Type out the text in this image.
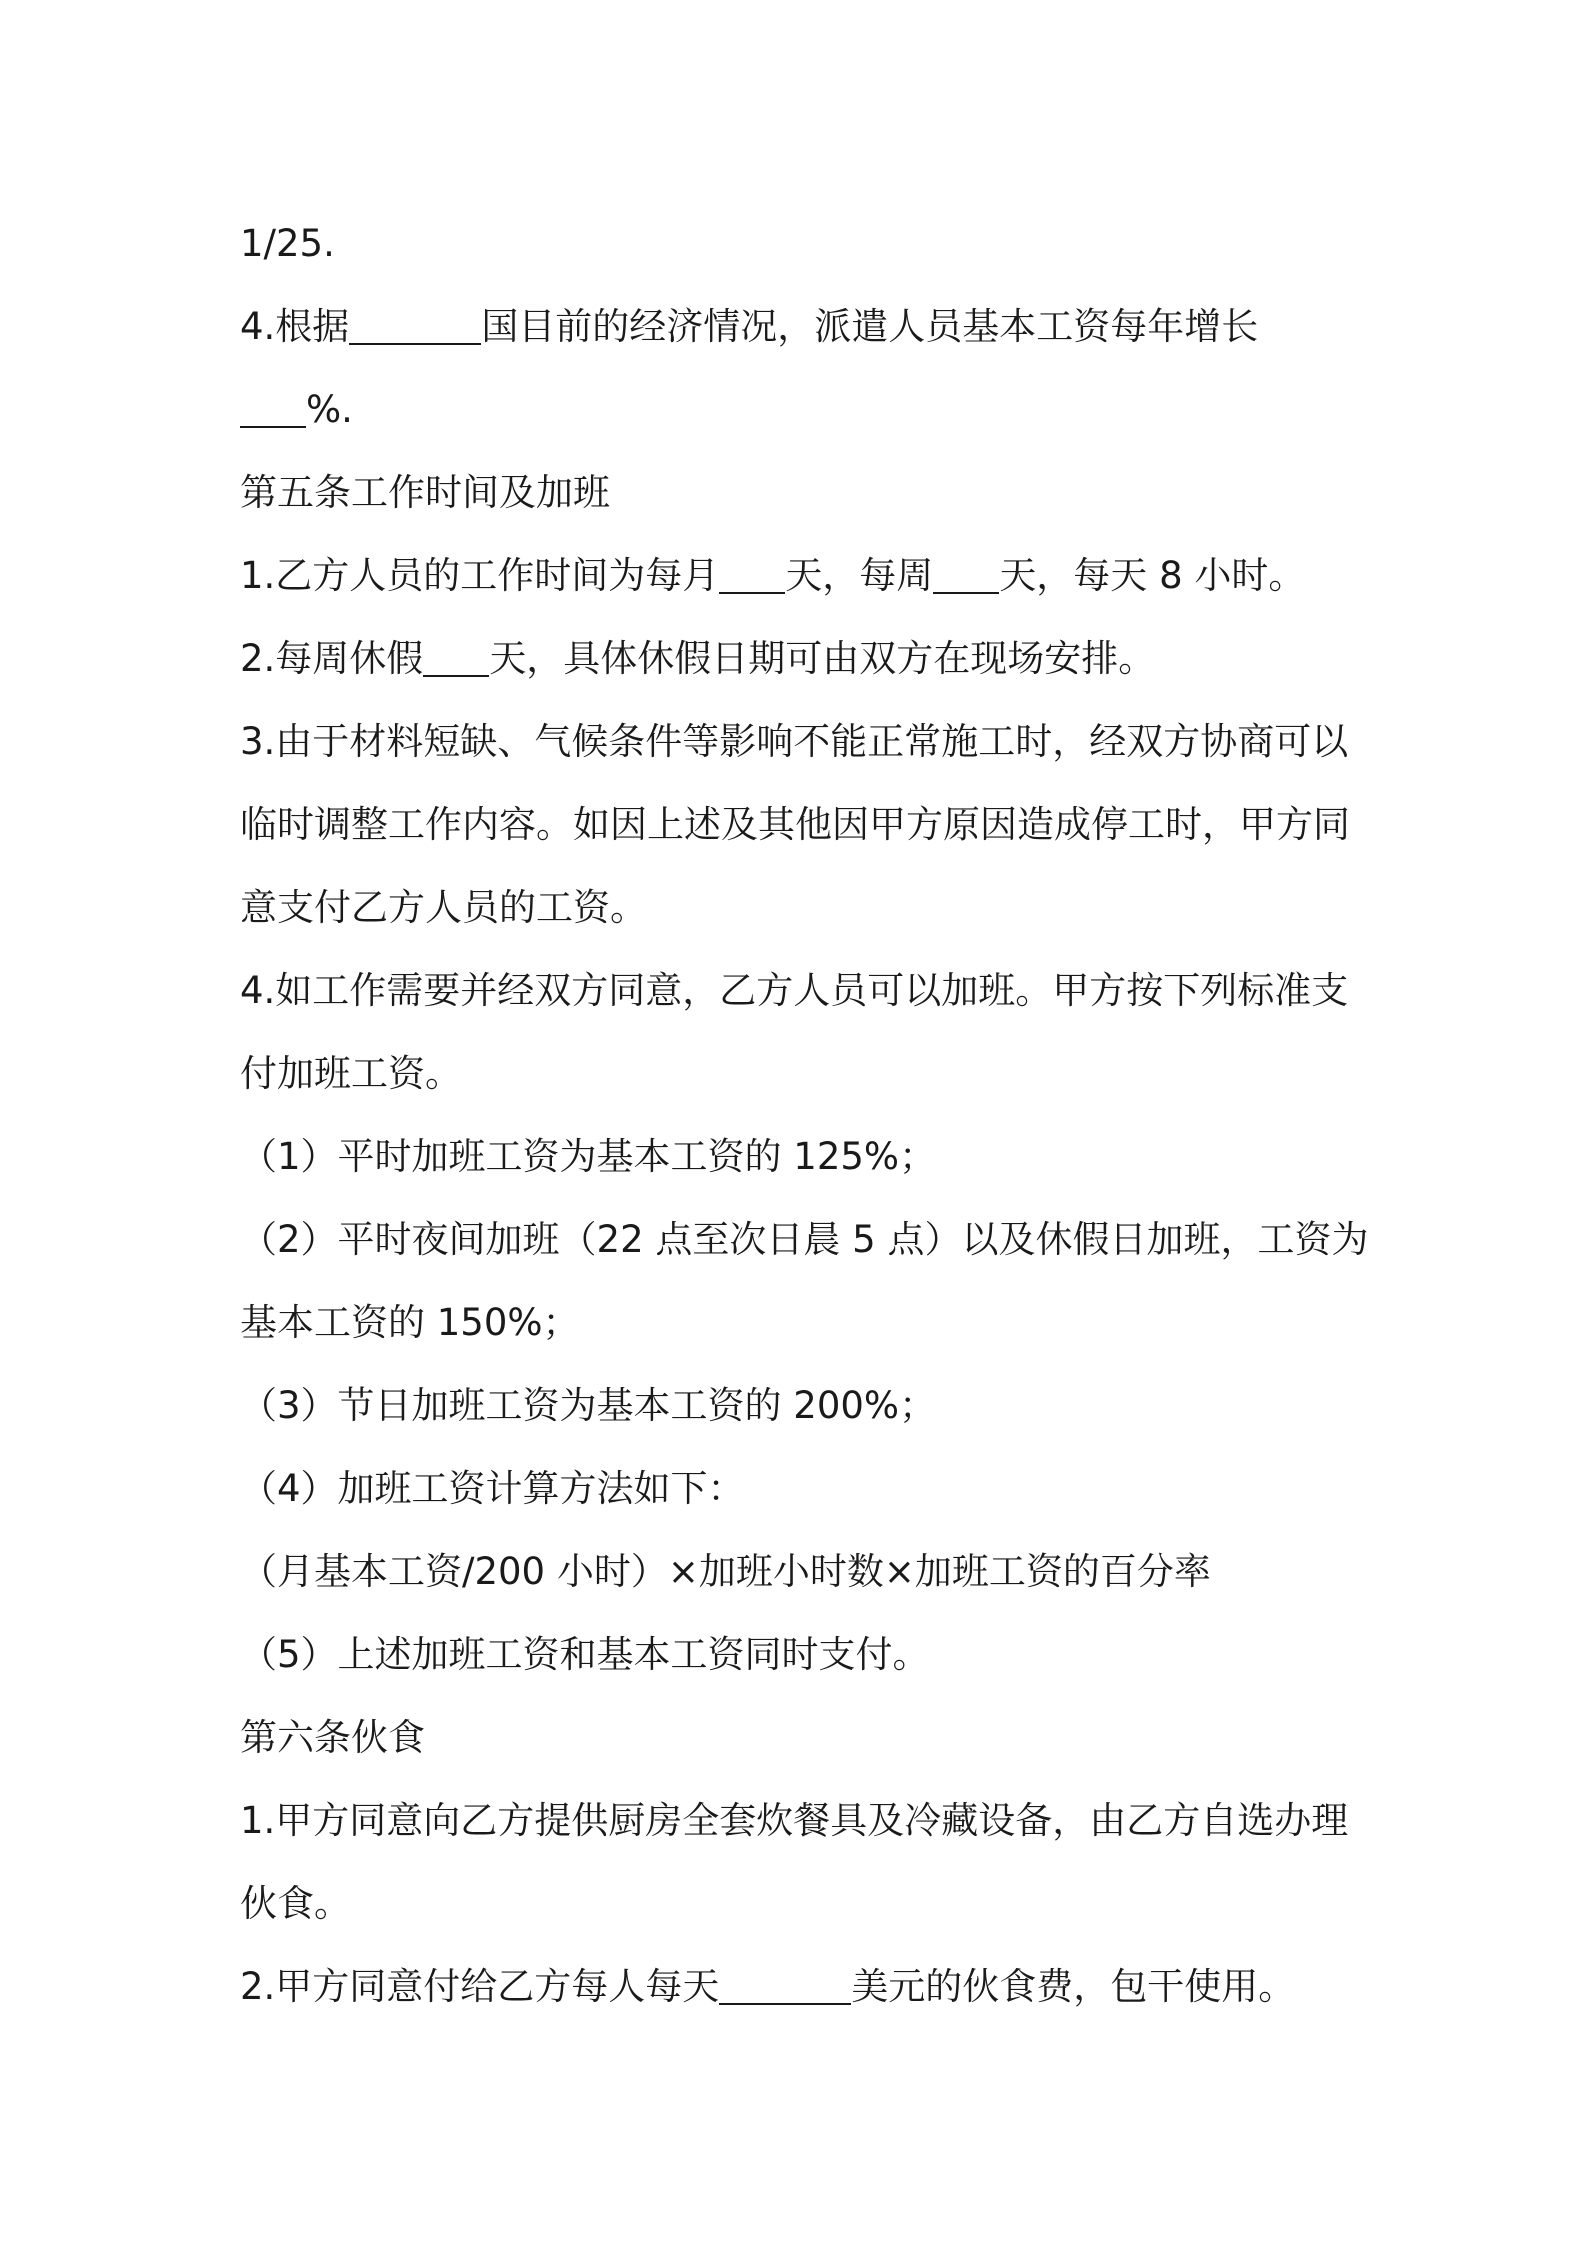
1/25.
4.根据	国目前的经济情况，派遣人员基本工资每年增长
%.
第五条工作时间及加班
1.乙方人员的工作时间为每月 天，每周 天，每天 8 小时。
2.每周休假 天，具体休假日期可由双方在现场安排。
3.由于材料短缺、气候条件等影响不能正常施工时，经双方协商可以
临时调整工作内容。如因上述及其他因甲方原因造成停工时，甲方同
意支付乙方人员的工资。
4.如工作需要并经双方同意，乙方人员可以加班。甲方按下列标准支
付加班工资。
（1）平时加班工资为基本工资的 125%；
（2）平时夜间加班（22 点至次日晨 5 点）以及休假日加班，工资为
基本工资的 150%；
（3）节日加班工资为基本工资的 200%；
（4）加班工资计算方法如下：
（月基本工资/200 小时）×加班小时数×加班工资的百分率
（5）上述加班工资和基本工资同时支付。
第六条伙食
1.甲方同意向乙方提供厨房全套炊餐具及冷藏设备，由乙方自选办理
伙食。
2.甲方同意付给乙方每人每天	美元的伙食费，包干使用。
